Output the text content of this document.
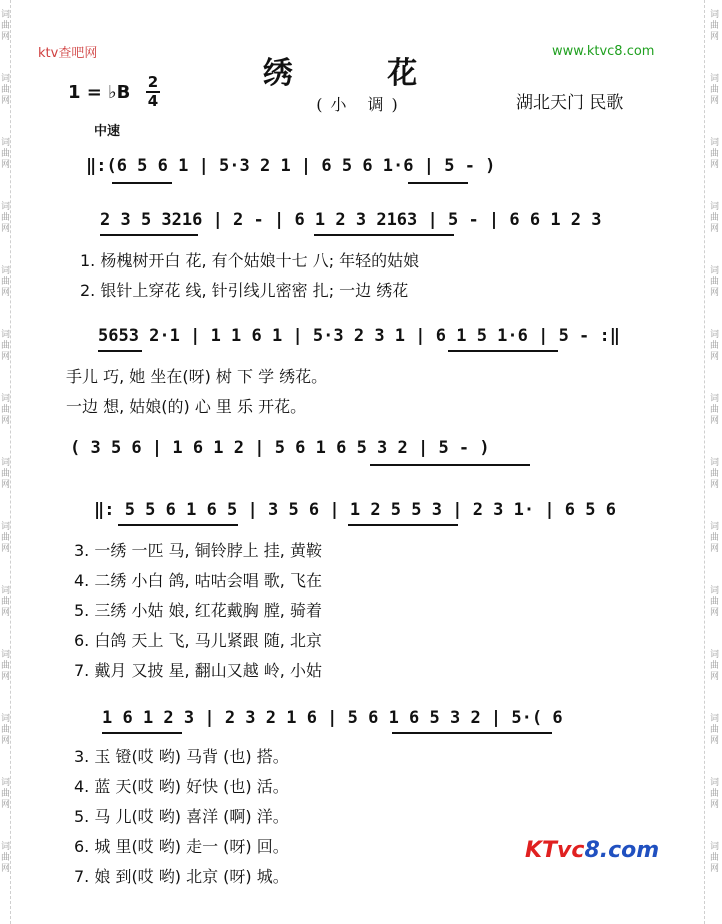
ktv查吧网	www.ktvc8.com
绣 花
(小 调)
1 = ♭B 2
4	湖北天门 民歌
中速
‖:(6 5 6 1 | 5·3 2 1 | 6 5 6 1·6 | 5 - )
2 3 5 3216 | 2 - | 6 1 2 3 2163 | 5 - | 6 6 1 2 3
1. 杨槐树开白 花, 有个姑娘十七 八; 年轻的姑娘
2. 银针上穿花 线, 针引线儿密密 扎; 一边 绣花
5653 2·1 | 1 1 6 1 | 5·3 2 3 1 | 6 1 5 1·6 | 5 - :‖
手儿 巧, 她 坐在(呀) 树 下 学 绣花。
一边 想, 姑娘(的) 心 里 乐 开花。
( 3 5 6 | 1 6 1 2 | 5 6 1 6 5 3 2 | 5 - )
‖: 5 5 6 1 6 5 | 3 5 6 | 1 2 5 5 3 | 2 3 1· | 6 5 6
3. 一绣 一匹 马, 铜铃脖上 挂, 黄鞍
4. 二绣 小白 鸽, 咕咕会唱 歌, 飞在
5. 三绣 小姑 娘, 红花戴胸 膛, 骑着
6. 白鸽 天上 飞, 马儿紧跟 随, 北京
7. 戴月 又披 星, 翻山又越 岭, 小姑
1 6 1 2 3 | 2 3 2 1 6 | 5 6 1 6 5 3 2 | 5·( 6
3. 玉 镫(哎 哟) 马背 (也) 搭。
4. 蓝 天(哎 哟) 好快 (也) 活。
5. 马 儿(哎 哟) 喜洋 (啊) 洋。
6. 城 里(哎 哟) 走一 (呀) 回。
7. 娘 到(哎 哟) 北京 (呀) 城。
KTvc8.com
词曲网
词曲网
词曲网
词曲网
词曲网
词曲网
词曲网
词曲网
词曲网
词曲网
词曲网
词曲网
词曲网
词曲网
词曲网
词曲网
词曲网
词曲网
词曲网
词曲网
词曲网
词曲网
词曲网
词曲网
词曲网
词曲网
词曲网
词曲网
